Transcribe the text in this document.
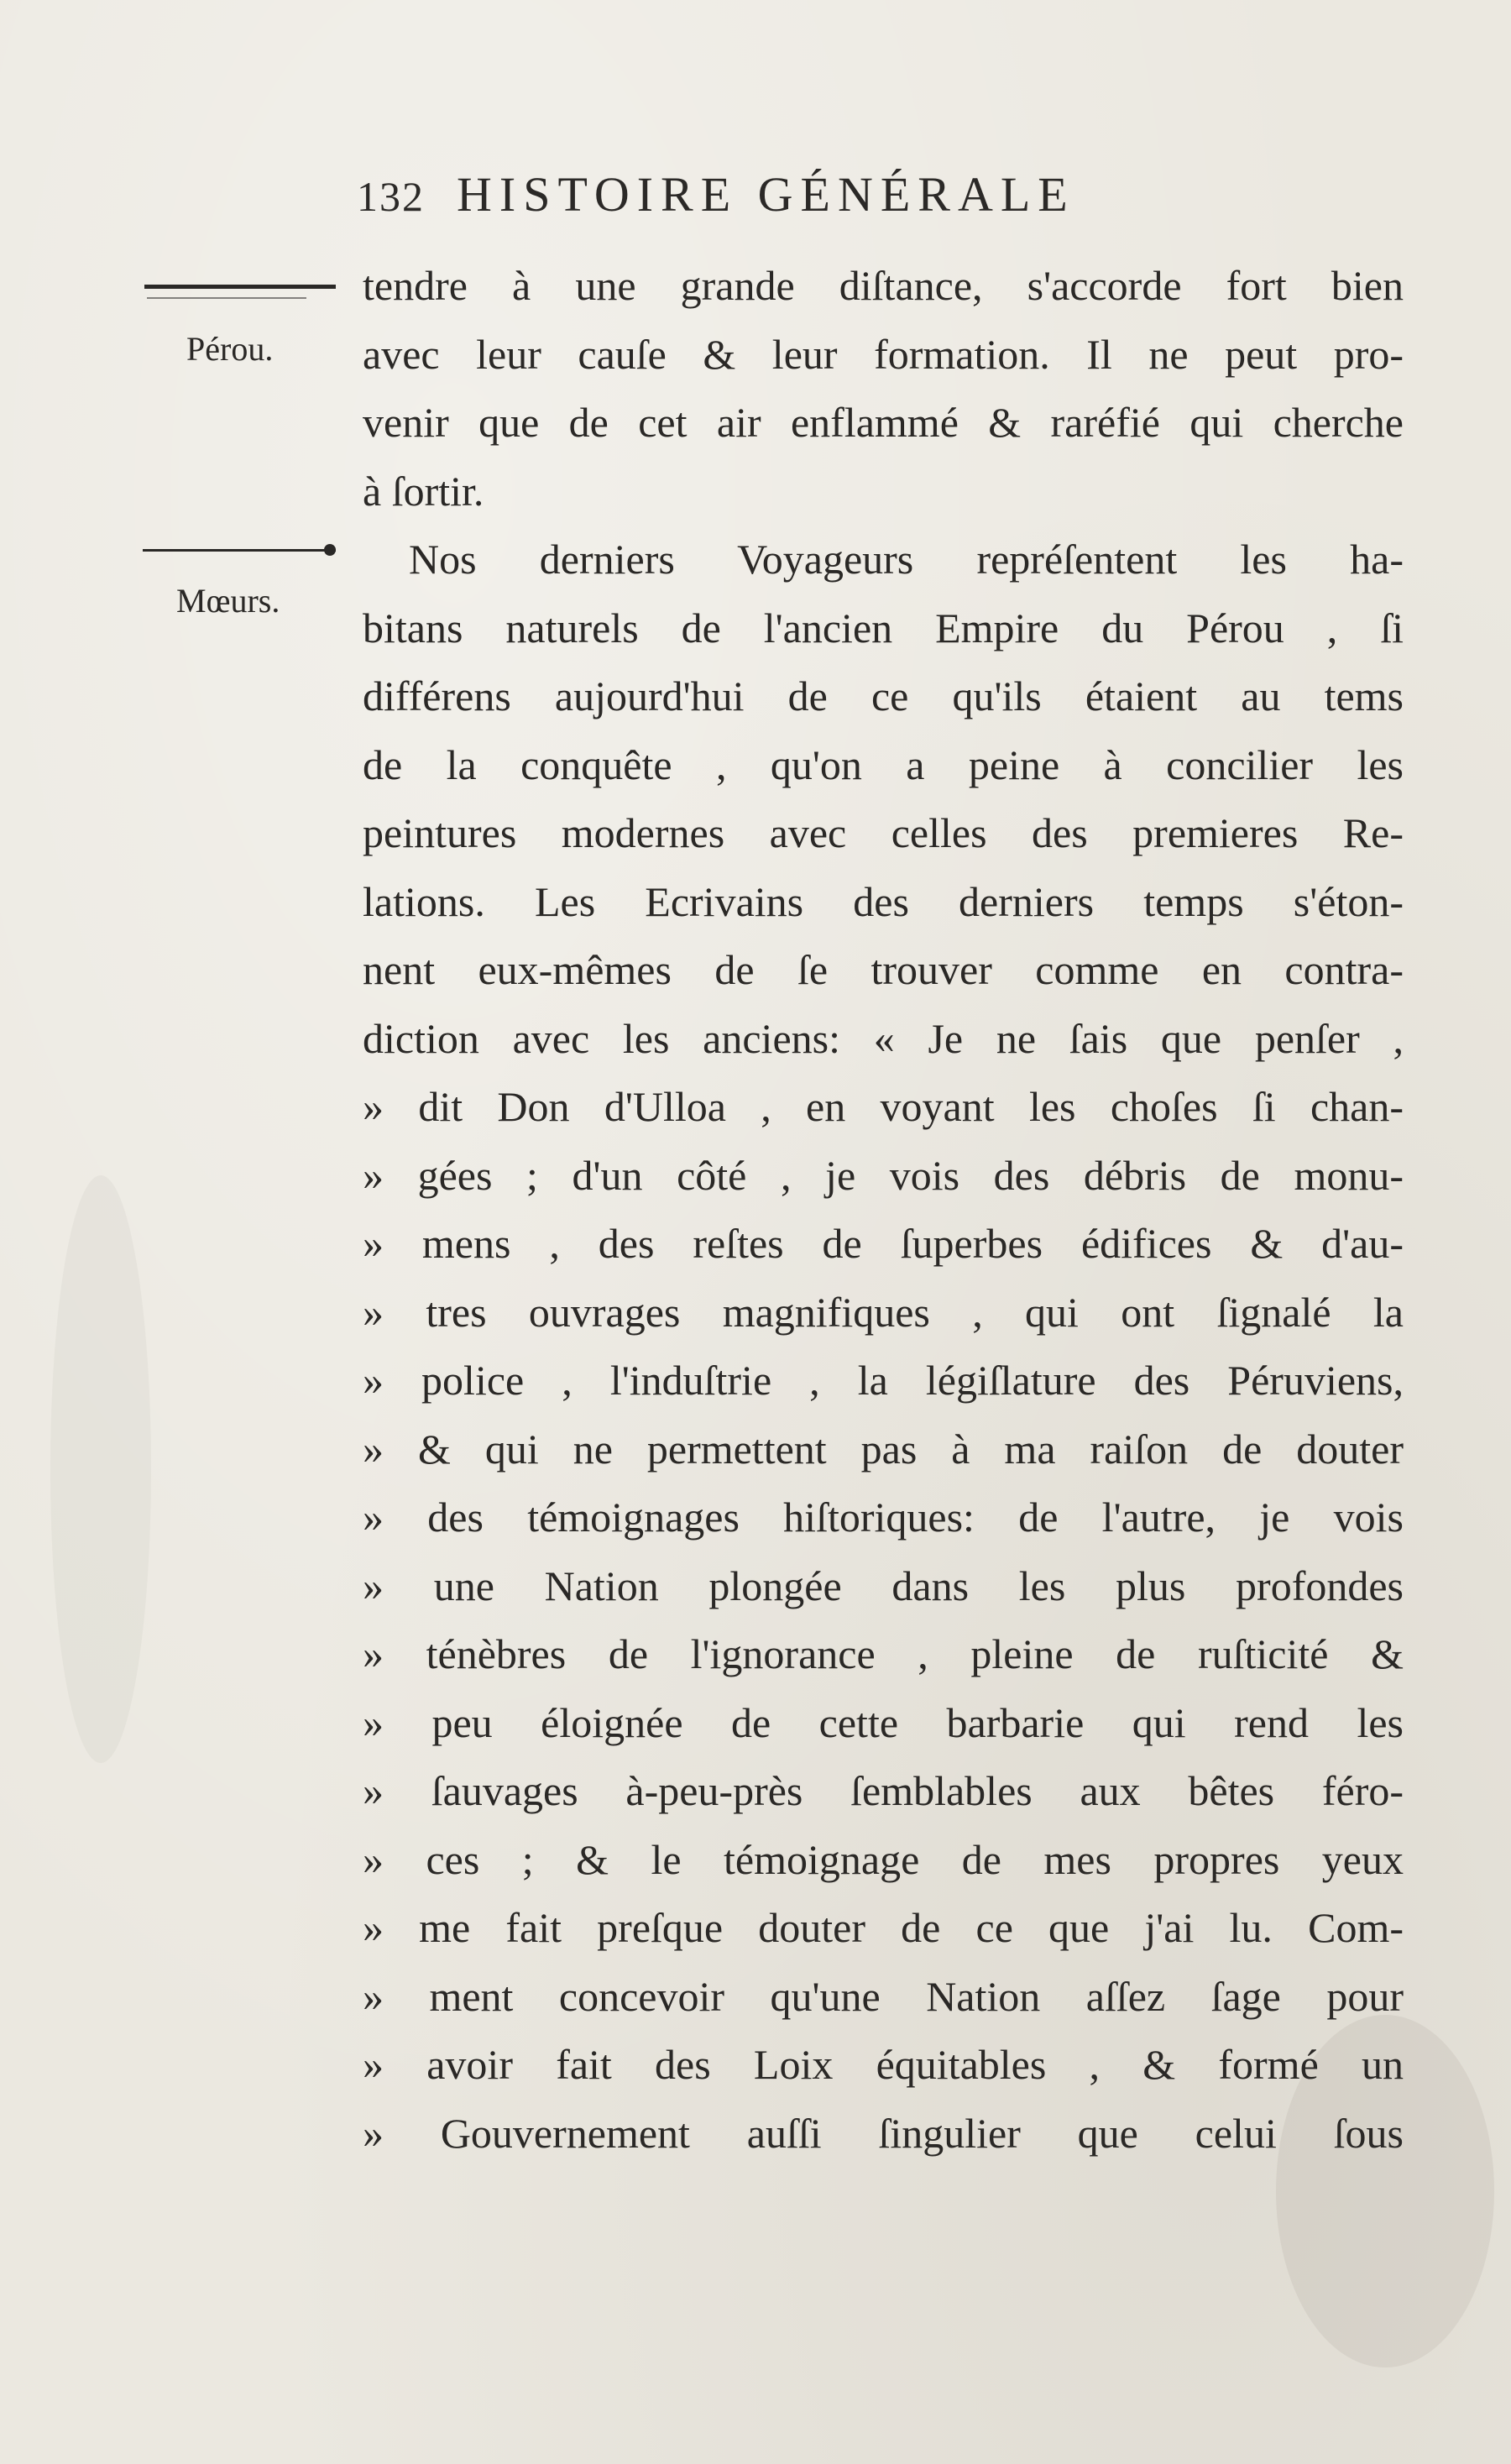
132 HISTOIRE GÉNÉRALE
Pérou.
Mœurs.
tendre à une grande diſtance, s'accorde fort bien
avec leur cauſe & leur formation. Il ne peut pro-
venir que de cet air enflammé & raréfié qui cherche
à ſortir.
Nos derniers Voyageurs repréſentent les ha-
bitans naturels de l'ancien Empire du Pérou , ſi
différens aujourd'hui de ce qu'ils étaient au tems
de la conquête , qu'on a peine à concilier les
peintures modernes avec celles des premieres Re-
lations. Les Ecrivains des derniers temps s'éton-
nent eux-mêmes de ſe trouver comme en contra-
diction avec les anciens: « Je ne ſais que penſer ,
» dit Don d'Ulloa , en voyant les choſes ſi chan-
» gées ; d'un côté , je vois des débris de monu-
» mens , des reſtes de ſuperbes édifices & d'au-
» tres ouvrages magnifiques , qui ont ſignalé la
» police , l'induſtrie , la légiſlature des Péruviens,
» & qui ne permettent pas à ma raiſon de douter
» des témoignages hiſtoriques: de l'autre, je vois
» une Nation plongée dans les plus profondes
» ténèbres de l'ignorance , pleine de ruſticité &
» peu éloignée de cette barbarie qui rend les
» ſauvages à-peu-près ſemblables aux bêtes féro-
» ces ; & le témoignage de mes propres yeux
» me fait preſque douter de ce que j'ai lu. Com-
» ment concevoir qu'une Nation aſſez ſage pour
» avoir fait des Loix équitables , & formé un
» Gouvernement auſſi ſingulier que celui ſous
